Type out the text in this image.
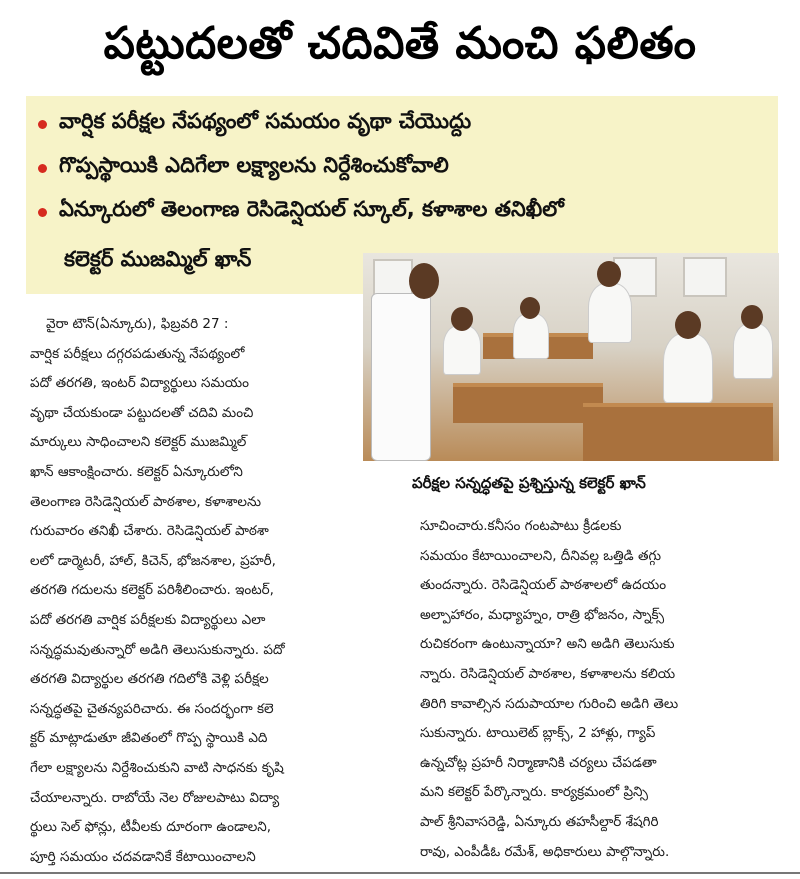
పట్టుదలతో చదివితే మంచి ఫలితం
వార్షిక పరీక్షల నేపథ్యంలో సమయం వృథా చేయొద్దు
గొప్పస్థాయికి ఎదిగేలా లక్ష్యాలను నిర్దేశించుకోవాలి
ఏన్కూరులో తెలంగాణ రెసిడెన్షియల్ స్కూల్, కళాశాల తనిఖీలో
కలెక్టర్ ముజమ్మిల్ ఖాన్
పరీక్షల సన్నద్ధతపై ప్రశ్నిస్తున్న కలెక్టర్ ఖాన్
వైరా టౌన్(ఏన్కూరు), ఫిబ్రవరి 27 :
వార్షిక పరీక్షలు దగ్గరపడుతున్న నేపథ్యంలో
పదో తరగతి, ఇంటర్ విద్యార్థులు సమయం
వృథా చేయకుండా పట్టుదలతో చదివి మంచి
మార్కులు సాధించాలని కలెక్టర్ ముజమ్మిల్
ఖాన్ ఆకాంక్షించారు. కలెక్టర్ ఏన్కూరులోని
తెలంగాణ రెసిడెన్షియల్ పాఠశాల, కళాశాలను
గురువారం తనిఖీ చేశారు. రెసిడెన్షియల్ పాఠశా
లలో డార్మెటరీ, హాల్, కిచెన్, భోజనశాల, ప్రహరీ,
తరగతి గదులను కలెక్టర్ పరిశీలించారు. ఇంటర్,
పదో తరగతి వార్షిక పరీక్షలకు విద్యార్థులు ఎలా
సన్నద్ధమవుతున్నారో అడిగి తెలుసుకున్నారు. పదో
తరగతి విద్యార్థుల తరగతి గదిలోకి వెళ్లి పరీక్షల
సన్నద్ధతపై చైతన్యపరిచారు. ఈ సందర్భంగా కలె
క్టర్ మాట్లాడుతూ జీవితంలో గొప్ప స్థాయికి ఎది
గేలా లక్ష్యాలను నిర్దేశించుకుని వాటి సాధనకు కృషి
చేయాలన్నారు. రాబోయే నెల రోజులపాటు విద్యా
ర్థులు సెల్ ఫోన్లు, టీవీలకు దూరంగా ఉండాలని,
పూర్తి సమయం చదవడానికే కేటాయించాలని
సూచించారు.కనీసం గంటపాటు క్రీడలకు
సమయం కేటాయించాలని, దీనివల్ల ఒత్తిడి తగ్గు
తుందన్నారు. రెసిడెన్షియల్ పాఠశాలలో ఉదయం
అల్పాహారం, మధ్యాహ్నం, రాత్రి భోజనం, స్నాక్స్
రుచికరంగా ఉంటున్నాయా? అని అడిగి తెలుసుకు
న్నారు. రెసిడెన్షియల్ పాఠశాల, కళాశాలను కలియ
తిరిగి కావాల్సిన సదుపాయాల గురించి అడిగి తెలు
సుకున్నారు. టాయిలెట్ బ్లాక్స్, 2 హాళ్లు, గ్యాప్
ఉన్నచోట్ల ప్రహరీ నిర్మాణానికి చర్యలు చేపడతా
మని కలెక్టర్ పేర్కొన్నారు. కార్యక్రమంలో ప్రిన్సి
పాల్ శ్రీనివాసరెడ్డి, ఏన్కూరు తహసీల్దార్ శేషగిరి
రావు, ఎంపీడీఓ రమేశ్, అధికారులు పాల్గొన్నారు.
